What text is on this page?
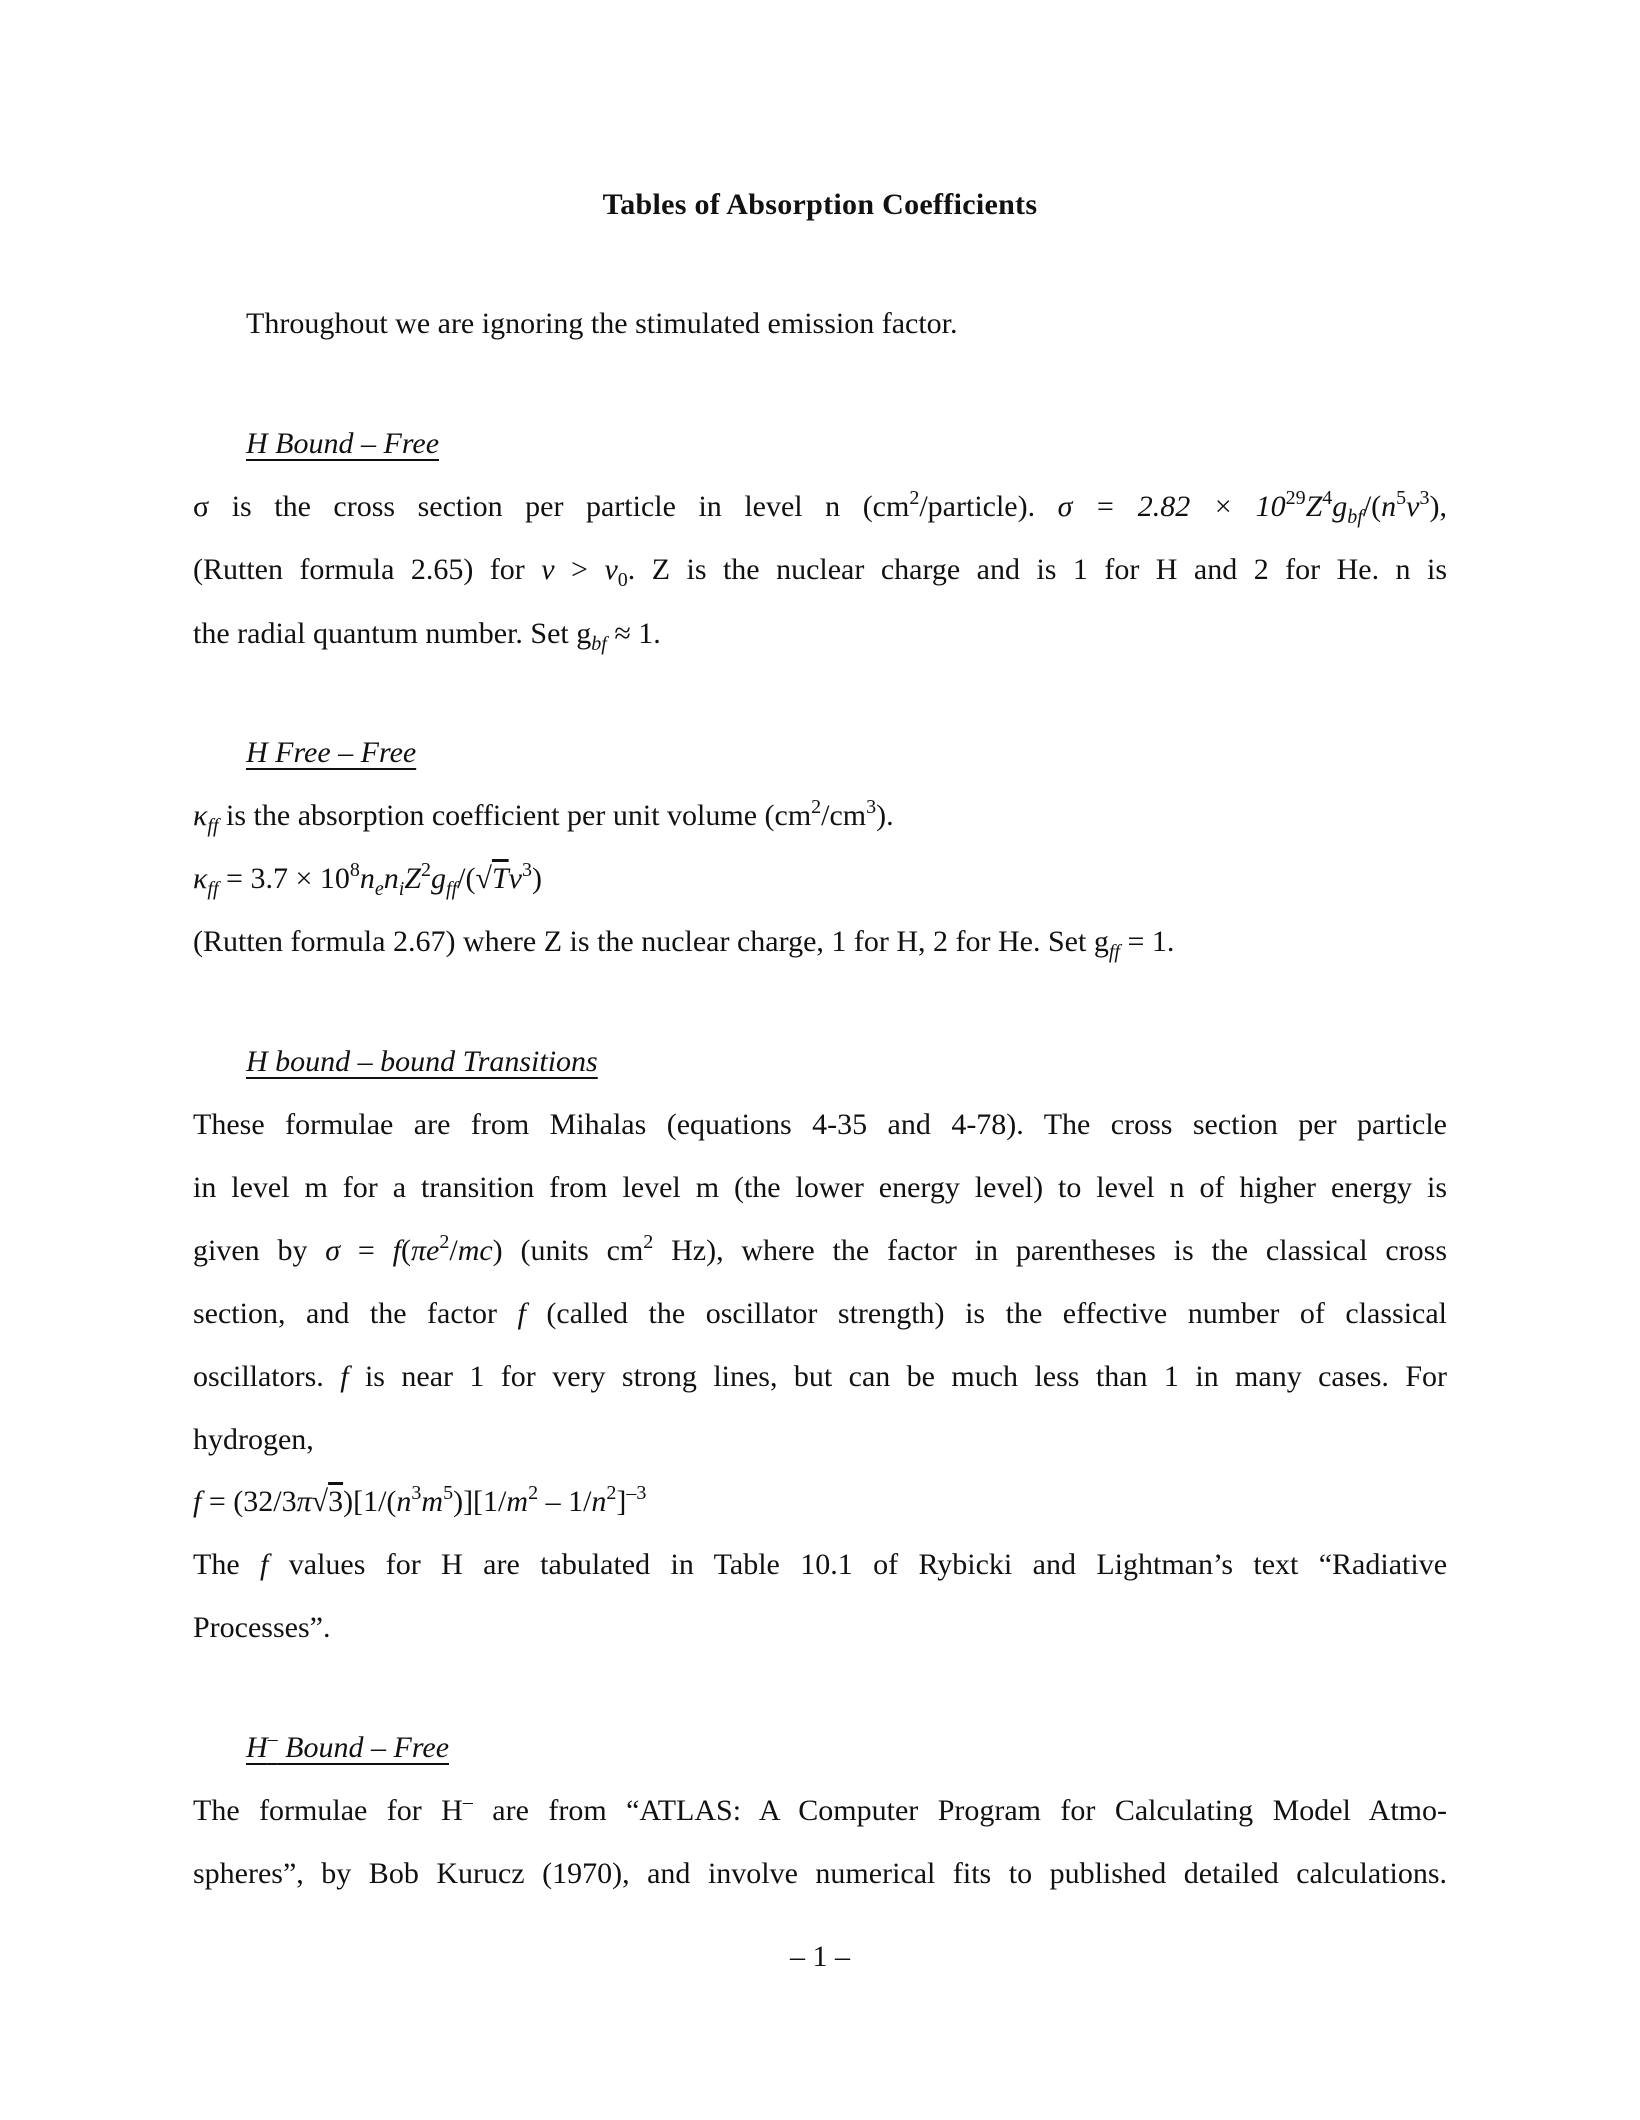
Tables of Absorption Coefficients
Throughout we are ignoring the stimulated emission factor.
H Bound – Free
σ is the cross section per particle in level n $(cm^2/particle)$. $\sigma = 2.82 \times 10^{29}Z^4g_{bf}/(n^5\nu^3)$,
(Rutten formula 2.65) for $\nu > \nu_0$. Z is the nuclear charge and is 1 for H and 2 for He. n is
the radial quantum number. Set $g_{bf} \approx 1$.
H Free – Free
$\kappa_{ff}$ is the absorption coefficient per unit volume $(cm^2/cm^3)$.
$\kappa_{ff} = 3.7 \times 10^8n_en_iZ^2g_{ff}/(√T\nu^3)$
(Rutten formula 2.67) where Z is the nuclear charge, 1 for H, 2 for He. Set $g_{ff} = 1$.
H bound – bound Transitions
These formulae are from Mihalas (equations 4-35 and 4-78). The cross section per particle
in level m for a transition from level m (the lower energy level) to level n of higher energy is
given by $\sigma = f(\pi e^2/mc)$ (units $cm^2$ Hz), where the factor in parentheses is the classical cross
section, and the factor f (called the oscillator strength) is the effective number of classical
oscillators. f is near 1 for very strong lines, but can be much less than 1 in many cases. For
hydrogen,
$f = (32/3\pi√3)[1/(n^3m^5)][1/m^2 - 1/n^2]^{-3}$
The f values for H are tabulated in Table 10.1 of Rybicki and Lightman’s text “Radiative
Processes”.
H– Bound – Free
The formulae for H– are from “ATLAS: A Computer Program for Calculating Model Atmo-
spheres”, by Bob Kurucz (1970), and involve numerical fits to published detailed calculations.
– 1 –
